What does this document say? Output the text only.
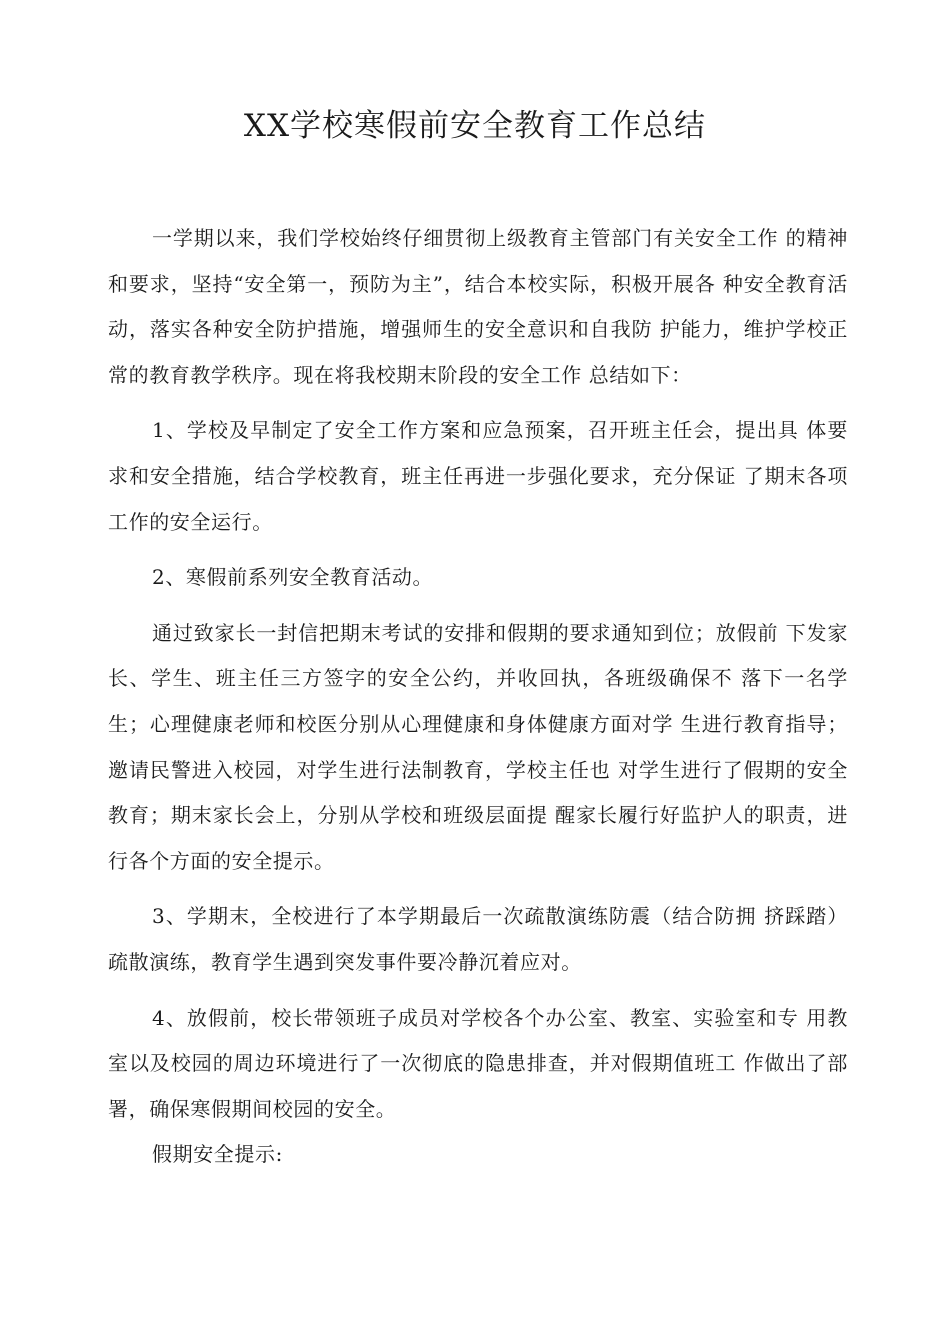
XX学校寒假前安全教育工作总结

一学期以来，我们学校始终仔细贯彻上级教育主管部门有关安全工作 的精神和要求，坚持“安全第一，预防为主”，结合本校实际，积极开展各 种安全教育活动，落实各种安全防护措施，增强师生的安全意识和自我防 护能力，维护学校正常的教育教学秩序。现在将我校期末阶段的安全工作 总结如下：

1、学校及早制定了安全工作方案和应急预案，召开班主任会，提出具 体要求和安全措施，结合学校教育，班主任再进一步强化要求，充分保证 了期末各项工作的安全运行。

2、寒假前系列安全教育活动。

通过致家长一封信把期末考试的安排和假期的要求通知到位；放假前 下发家长、学生、班主任三方签字的安全公约，并收回执，各班级确保不 落下一名学生；心理健康老师和校医分别从心理健康和身体健康方面对学 生进行教育指导；邀请民警进入校园，对学生进行法制教育，学校主任也 对学生进行了假期的安全教育；期末家长会上，分别从学校和班级层面提 醒家长履行好监护人的职责，进行各个方面的安全提示。

3、学期末，全校进行了本学期最后一次疏散演练防震（结合防拥 挤踩踏）疏散演练，教育学生遇到突发事件要冷静沉着应对。

4、放假前，校长带领班子成员对学校各个办公室、教室、实验室和专 用教室以及校园的周边环境进行了一次彻底的隐患排查，并对假期值班工 作做出了部署，确保寒假期间校园的安全。

假期安全提示:
